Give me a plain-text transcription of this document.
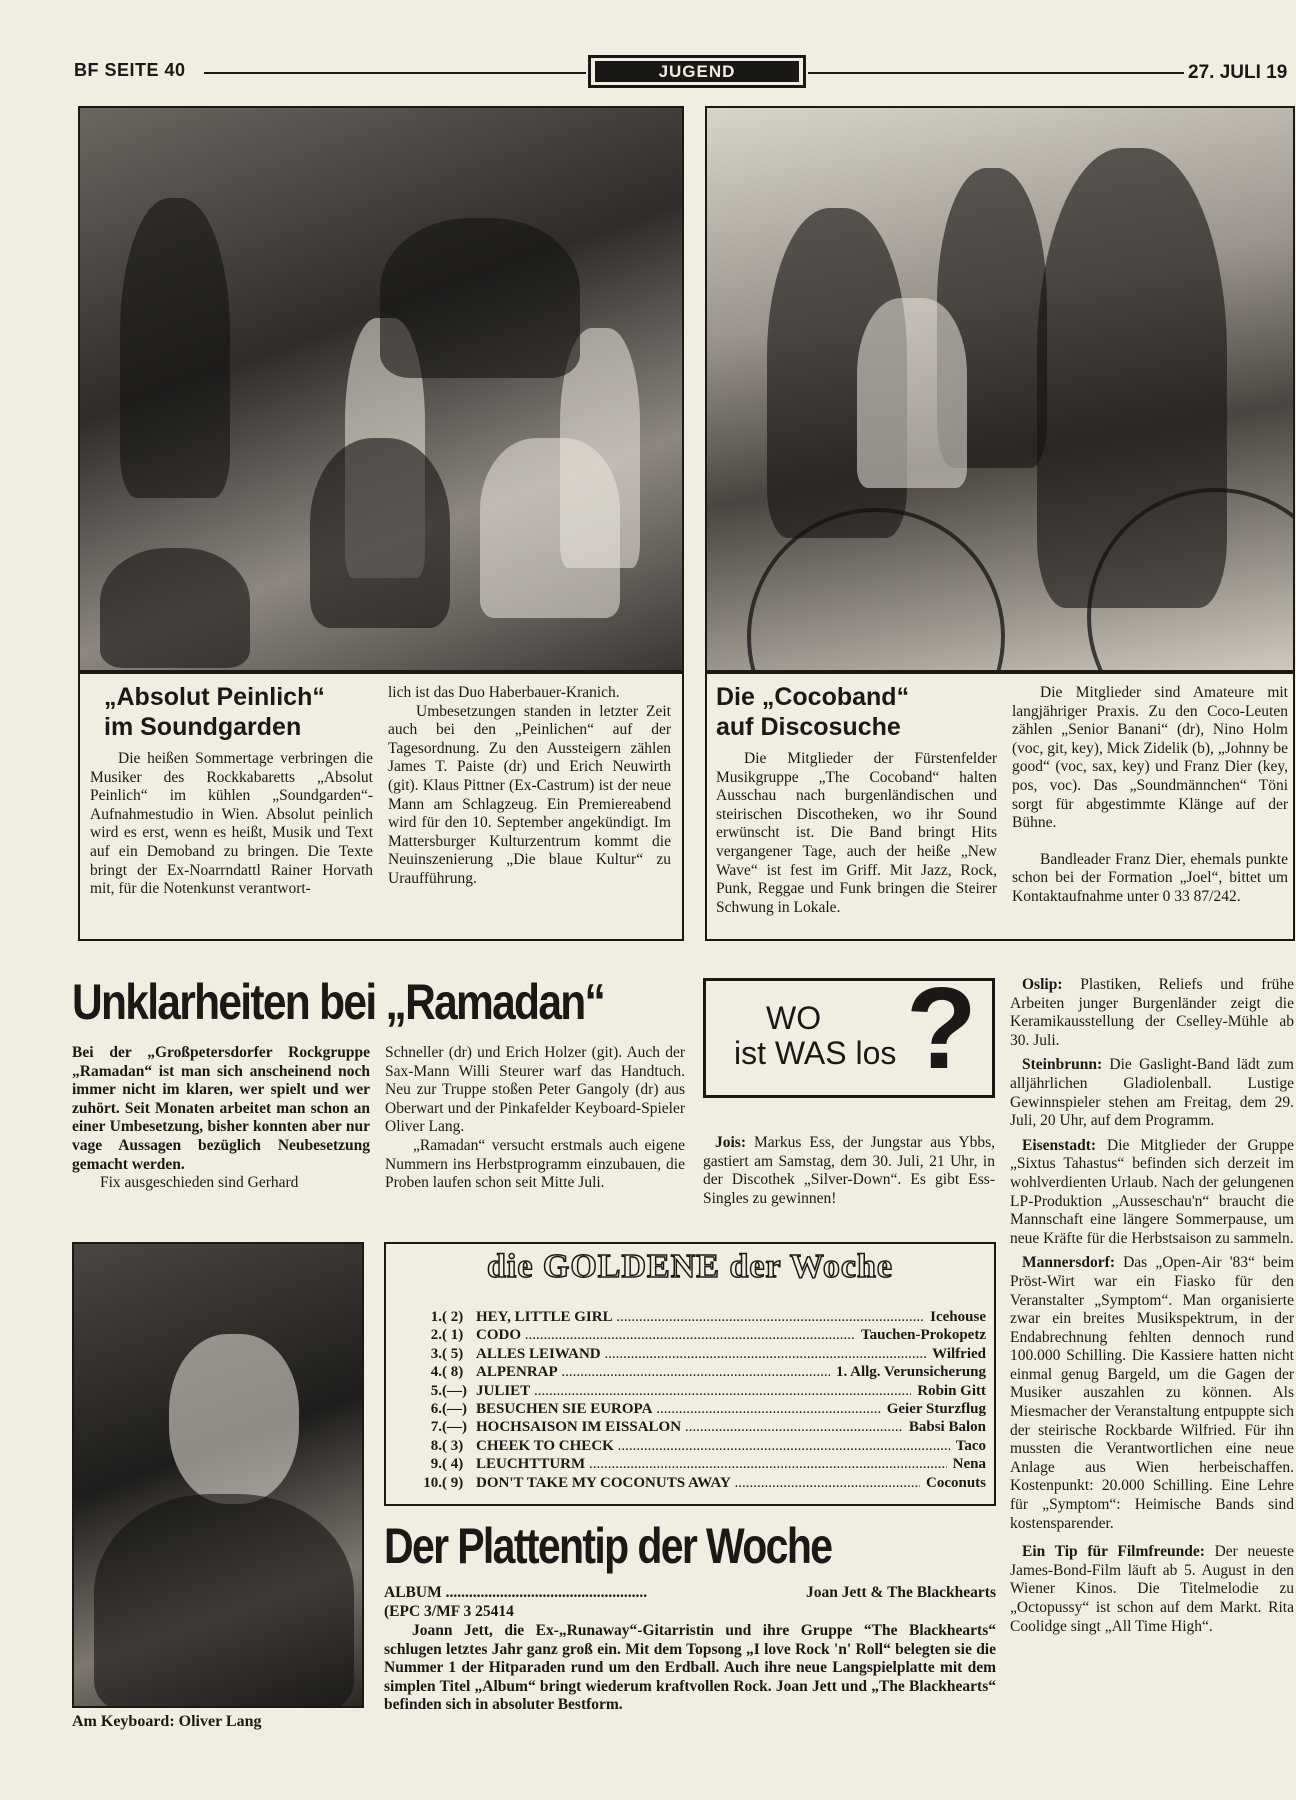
BF SEITE 40	JUGEND	27. JULI 19
„Absolut Peinlich“
im Soundgarden

Die heißen Sommertage verbringen die Musiker des Rockkabaretts „Absolut Peinlich“ im kühlen „Soundgarden“-Aufnahmestudio in Wien. Absolut peinlich wird es erst, wenn es heißt, Musik und Text auf ein Demoband zu bringen. Die Texte bringt der Ex-Noarrndattl Rainer Horvath mit, für die Notenkunst verantwort-

lich ist das Duo Haberbauer-Kranich.

Umbesetzungen standen in letzter Zeit auch bei den „Peinlichen“ auf der Tagesordnung. Zu den Aussteigern zählen James T. Paiste (dr) und Erich Neuwirth (git). Klaus Pittner (Ex-Castrum) ist der neue Mann am Schlagzeug. Ein Premiereabend wird für den 10. September angekündigt. Im Mattersburger Kulturzentrum kommt die Neuinszenierung „Die blaue Kultur“ zu Uraufführung.

Die „Cocoband“
auf Discosuche

Die Mitglieder der Fürstenfelder Musikgruppe „The Cocoband“ halten Ausschau nach burgenländischen und steirischen Discotheken, wo ihr Sound erwünscht ist. Die Band bringt Hits vergangener Tage, auch der heiße „New Wave“ ist fest im Griff. Mit Jazz, Rock, Punk, Reggae und Funk bringen die Steirer Schwung in Lokale.

Die Mitglieder sind Amateure mit langjähriger Praxis. Zu den Coco-Leuten zählen „Senior Banani“ (dr), Nino Holm (voc, git, key), Mick Zidelik (b), „Johnny be good“ (voc, sax, key) und Franz Dier (key, pos, voc). Das „Soundmännchen“ Töni sorgt für abgestimmte Klänge auf der Bühne.

Bandleader Franz Dier, ehemals punkte schon bei der Formation „Joel“, bittet um Kontaktaufnahme unter 0 33 87/242.

Unklarheiten bei „Ramadan“

Bei der „Großpetersdorfer Rockgruppe „Ramadan“ ist man sich anscheinend noch immer nicht im klaren, wer spielt und wer zuhört. Seit Monaten arbeitet man schon an einer Umbesetzung, bisher konnten aber nur vage Aussagen bezüglich Neubesetzung gemacht werden.

Fix ausgeschieden sind Gerhard

Schneller (dr) und Erich Holzer (git). Auch der Sax-Mann Willi Steurer warf das Handtuch. Neu zur Truppe stoßen Peter Gangoly (dr) aus Oberwart und der Pinkafelder Keyboard-Spieler Oliver Lang.

„Ramadan“ versucht erstmals auch eigene Nummern ins Herbstprogramm einzubauen, die Proben laufen schon seit Mitte Juli.

WO
ist WAS los ?

Jois: Markus Ess, der Jungstar aus Ybbs, gastiert am Samstag, dem 30. Juli, 21 Uhr, in der Discothek „Silver-Down“. Es gibt Ess-Singles zu gewinnen!

Oslip: Plastiken, Reliefs und frühe Arbeiten junger Burgenländer zeigt die Keramikausstellung der Cselley-Mühle ab 30. Juli.

Steinbrunn: Die Gaslight-Band lädt zum alljährlichen Gladiolenball. Lustige Gewinnspieler stehen am Freitag, dem 29. Juli, 20 Uhr, auf dem Programm.

Eisenstadt: Die Mitglieder der Gruppe „Sixtus Tahastus“ befinden sich derzeit im wohlverdienten Urlaub. Nach der gelungenen LP-Produktion „Ausseschau'n“ braucht die Mannschaft eine längere Sommerpause, um neue Kräfte für die Herbstsaison zu sammeln.

Mannersdorf: Das „Open-Air '83“ beim Pröst-Wirt war ein Fiasko für den Veranstalter „Symptom“. Man organisierte zwar ein breites Musikspektrum, in der Endabrechnung fehlten dennoch rund 100.000 Schilling. Die Kassiere hatten nicht einmal genug Bargeld, um die Gagen der Musiker auszahlen zu können. Als Miesmacher der Veranstaltung entpuppte sich der steirische Rockbarde Wilfried. Für ihn mussten die Verantwortlichen eine neue Anlage aus Wien herbeischaffen. Kostenpunkt: 20.000 Schilling. Eine Lehre für „Symptom“: Heimische Bands sind kostensparender.

Ein Tip für Filmfreunde: Der neueste James-Bond-Film läuft ab 5. August in den Wiener Kinos. Die Titelmelodie zu „Octopussy“ ist schon auf dem Markt. Rita Coolidge singt „All Time High“.

Am Keyboard: Oliver Lang
die GOLDENE der Woche
1. ( 2) HEY, LITTLE GIRL .....	Icehouse
2. ( 1) CODO .....	Tauchen-Prokopetz
3. ( 5) ALLES LEIWAND .....	Wilfried
4. ( 8) ALPENRAP .....	1. Allg. Verunsicherung
5. (—) JULIET .....	Robin Gitt
6. (—) BESUCHEN SIE EUROPA .....	Geier Sturzflug
7. (—) HOCHSAISON IM EISSALON .....	Babsi Balon
8. ( 3) CHEEK TO CHECK .....	Taco
9. ( 4) LEUCHTTURM .....	Nena
10. ( 9) DON'T TAKE MY COCONUTS AWAY .....	Coconuts
Der Plattentip der Woche
ALBUM ....................................................	Joan Jett & The Blackhearts
(EPC 3/MF 3 25414

Joann Jett, die Ex-„Runaway“-Gitarristin und ihre Gruppe “The Blackhearts“ schlugen letztes Jahr ganz groß ein. Mit dem Topsong „I love Rock 'n' Roll“ belegten sie die Nummer 1 der Hitparaden rund um den Erdball. Auch ihre neue Langspielplatte mit dem simplen Titel „Album“ bringt wiederum kraftvollen Rock. Joan Jett und „The Blackhearts“ befinden sich in absoluter Bestform.
